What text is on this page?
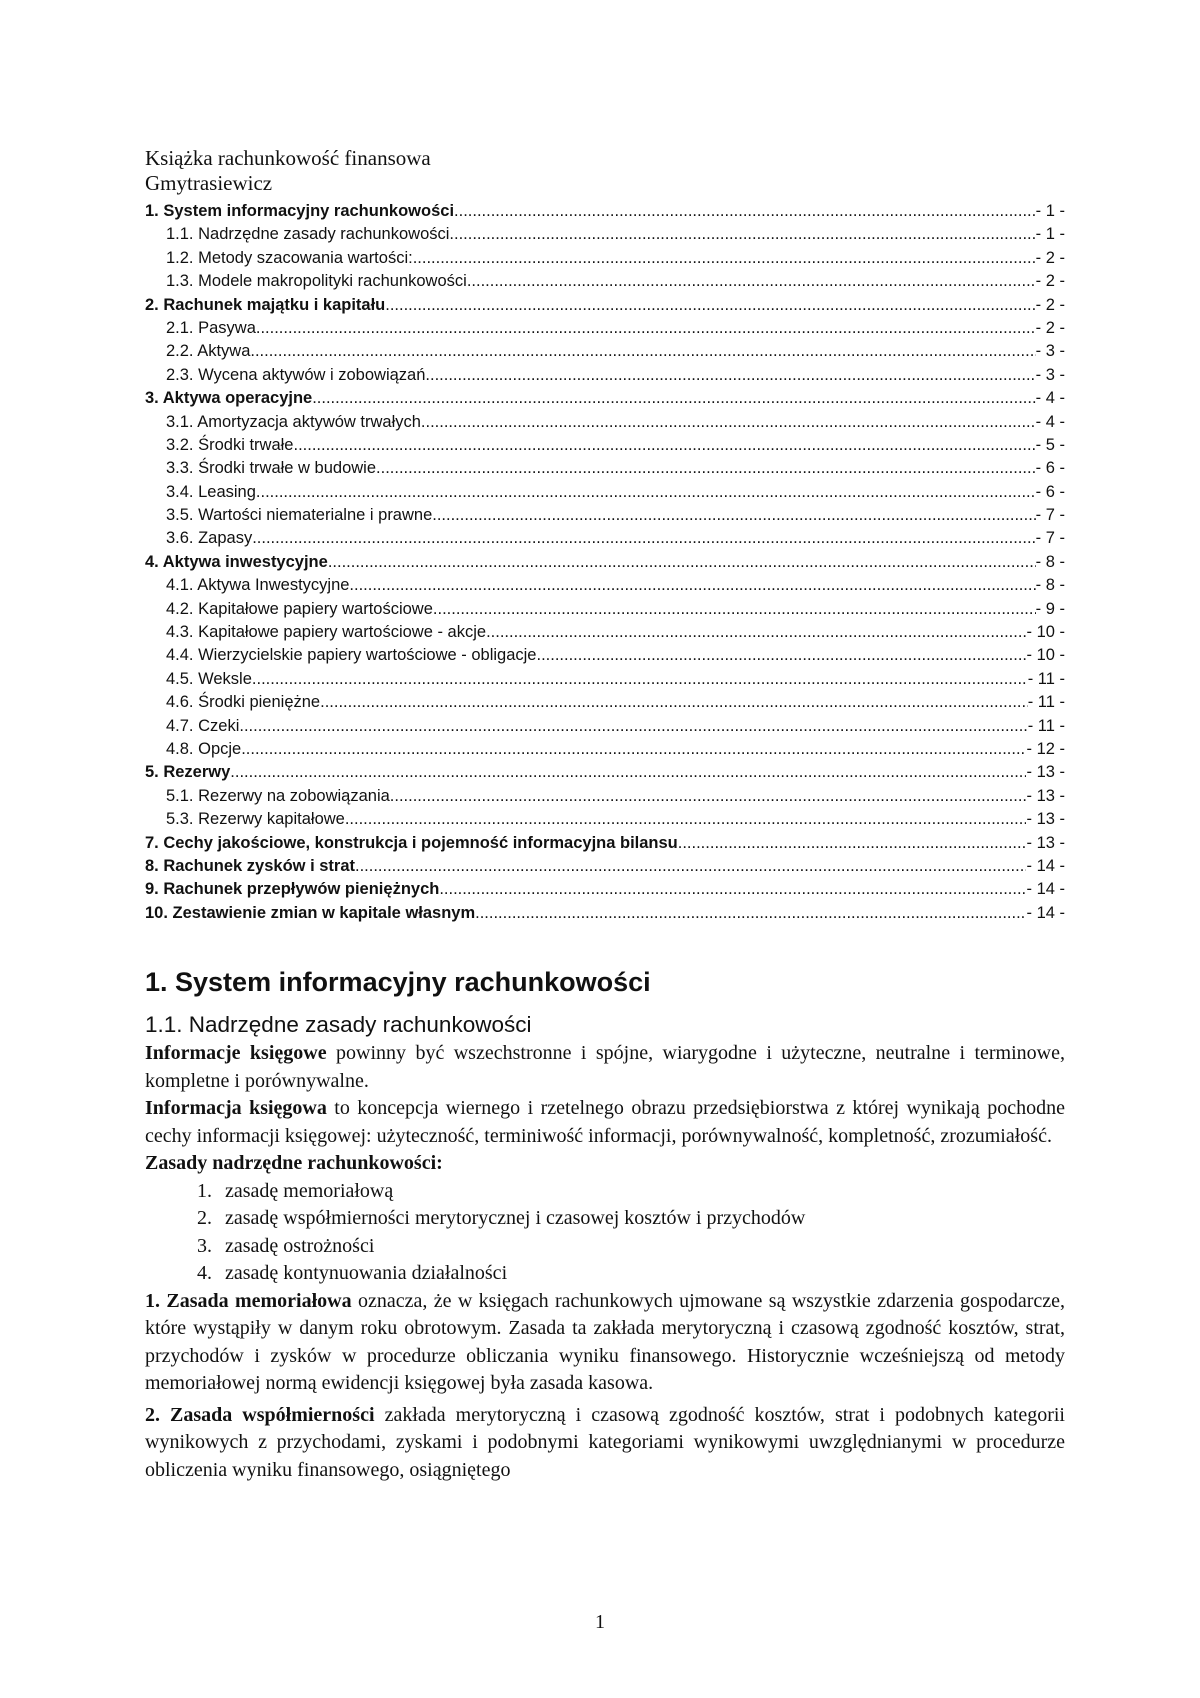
Książka rachunkowość finansowa
Gmytrasiewicz
1. System informacyjny rachunkowości .....	- 1 -
1.1. Nadrzędne zasady rachunkowości .....	- 1 -
1.2. Metody szacowania wartości: .....	- 2 -
1.3. Modele makropolityki rachunkowości .....	- 2 -
2. Rachunek majątku i kapitału .....	- 2 -
2.1. Pasywa .....	- 2 -
2.2. Aktywa .....	- 3 -
2.3. Wycena aktywów i zobowiązań .....	- 3 -
3. Aktywa operacyjne .....	- 4 -
3.1. Amortyzacja aktywów trwałych .....	- 4 -
3.2. Środki trwałe .....	- 5 -
3.3. Środki trwałe w budowie .....	- 6 -
3.4. Leasing .....	- 6 -
3.5. Wartości niematerialne i prawne .....	- 7 -
3.6. Zapasy .....	- 7 -
4. Aktywa inwestycyjne .....	- 8 -
4.1. Aktywa Inwestycyjne .....	- 8 -
4.2. Kapitałowe papiery wartościowe .....	- 9 -
4.3. Kapitałowe papiery wartościowe - akcje .....	- 10 -
4.4. Wierzycielskie papiery wartościowe - obligacje .....	- 10 -
4.5. Weksle .....	- 11 -
4.6. Środki pieniężne .....	- 11 -
4.7. Czeki .....	- 11 -
4.8. Opcje .....	- 12 -
5. Rezerwy .....	- 13 -
5.1. Rezerwy na zobowiązania .....	- 13 -
5.3. Rezerwy kapitałowe .....	- 13 -
7. Cechy jakościowe, konstrukcja i pojemność informacyjna bilansu .....	- 13 -
8. Rachunek zysków i strat .....	- 14 -
9. Rachunek przepływów pieniężnych .....	- 14 -
10. Zestawienie zmian w kapitale własnym .....	- 14 -
1. System informacyjny rachunkowości
1.1. Nadrzędne zasady rachunkowości

Informacje księgowe powinny być wszechstronne i spójne, wiarygodne i użyteczne, neutralne i terminowe, kompletne i porównywalne.

Informacja księgowa to koncepcja wiernego i rzetelnego obrazu przedsiębiorstwa z której wynikają pochodne cechy informacji księgowej: użyteczność, terminiwość informacji, porównywalność, kompletność, zrozumiałość.

Zasady nadrzędne rachunkowości:

1. zasadę memoriałową
2. zasadę współmierności merytorycznej i czasowej kosztów i przychodów
3. zasadę ostrożności
4. zasadę kontynuowania działalności

1. Zasada memoriałowa oznacza, że w księgach rachunkowych ujmowane są wszystkie zdarzenia gospodarcze, które wystąpiły w danym roku obrotowym. Zasada ta zakłada merytoryczną i czasową zgodność kosztów, strat, przychodów i zysków w procedurze obliczania wyniku finansowego. Historycznie wcześniejszą od metody memoriałowej normą ewidencji księgowej była zasada kasowa.

2. Zasada współmierności zakłada merytoryczną i czasową zgodność kosztów, strat i podobnych kategorii wynikowych z przychodami, zyskami i podobnymi kategoriami wynikowymi uwzględnianymi w procedurze obliczenia wyniku finansowego, osiągniętego

1
